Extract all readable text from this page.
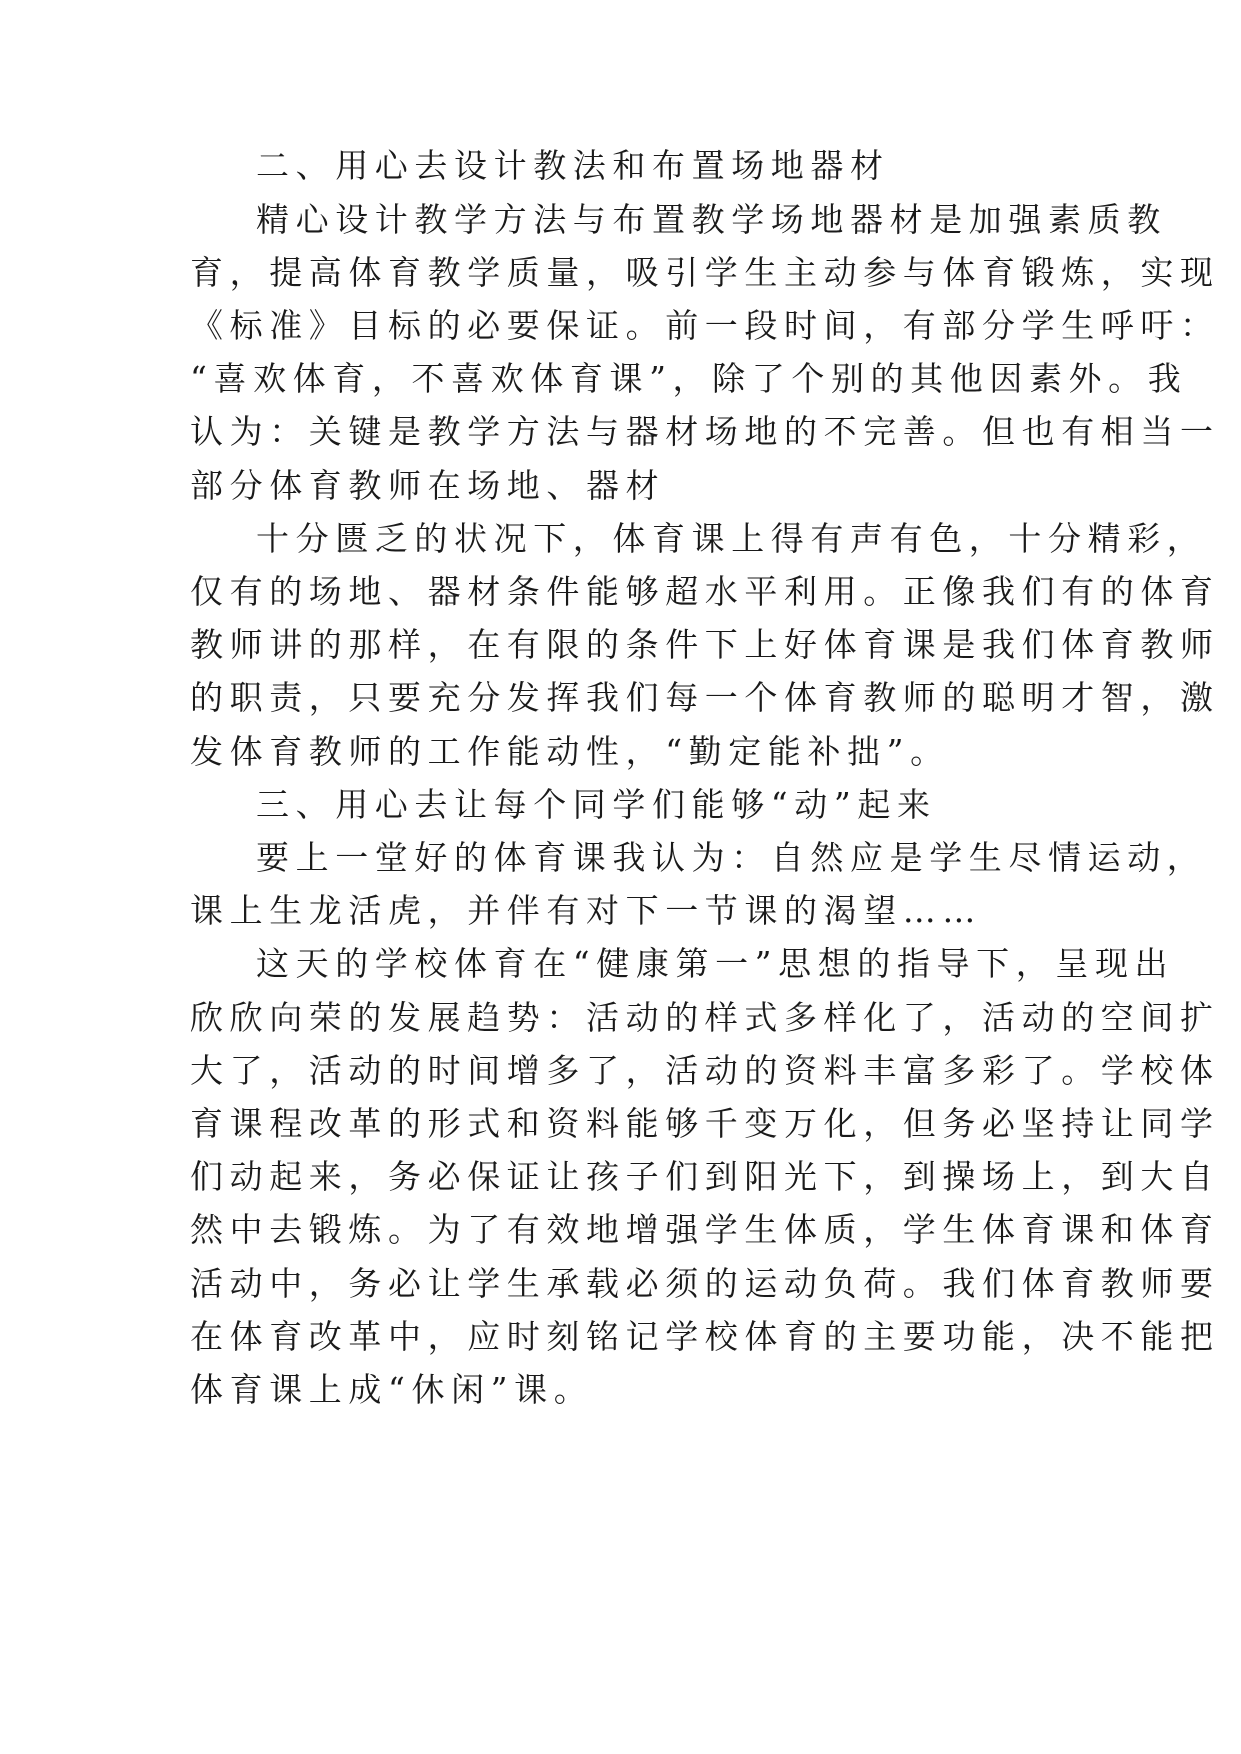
二、用心去设计教法和布置场地器材
精心设计教学方法与布置教学场地器材是加强素质教
育，提高体育教学质量，吸引学生主动参与体育锻炼，实现
《标准》目标的必要保证。前一段时间，有部分学生呼吁：
“喜欢体育，不喜欢体育课”，除了个别的其他因素外。我
认为：关键是教学方法与器材场地的不完善。但也有相当一
部分体育教师在场地、器材
十分匮乏的状况下，体育课上得有声有色，十分精彩，
仅有的场地、器材条件能够超水平利用。正像我们有的体育
教师讲的那样，在有限的条件下上好体育课是我们体育教师
的职责，只要充分发挥我们每一个体育教师的聪明才智，激
发体育教师的工作能动性，“勤定能补拙”。
三、用心去让每个同学们能够“动”起来
要上一堂好的体育课我认为：自然应是学生尽情运动，
课上生龙活虎，并伴有对下一节课的渴望……
这天的学校体育在“健康第一”思想的指导下，呈现出
欣欣向荣的发展趋势：活动的样式多样化了，活动的空间扩
大了，活动的时间增多了，活动的资料丰富多彩了。学校体
育课程改革的形式和资料能够千变万化，但务必坚持让同学
们动起来，务必保证让孩子们到阳光下，到操场上，到大自
然中去锻炼。为了有效地增强学生体质，学生体育课和体育
活动中，务必让学生承载必须的运动负荷。我们体育教师要
在体育改革中，应时刻铭记学校体育的主要功能，决不能把
体育课上成“休闲”课。
